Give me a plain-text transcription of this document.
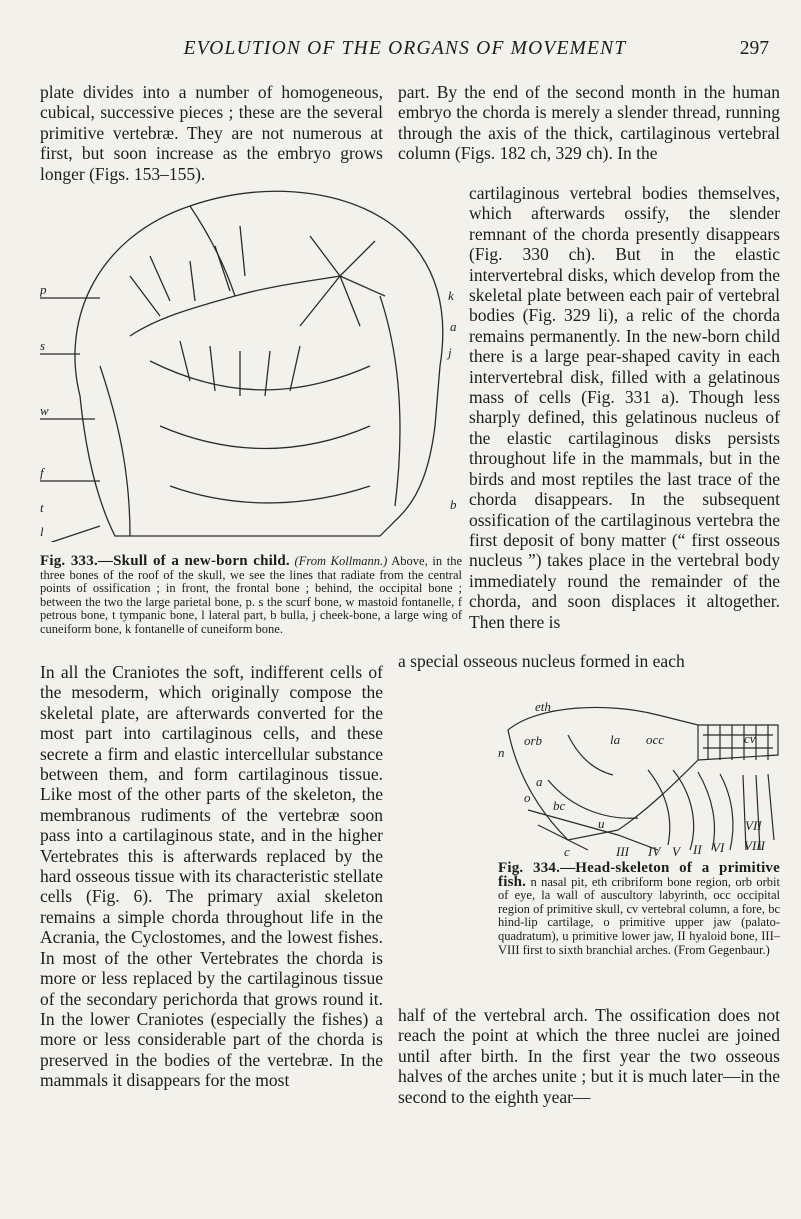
EVOLUTION OF THE ORGANS OF MOVEMENT	297

plate divides into a number of homogeneous, cubical, successive pieces ; these are the several primitive vertebræ. They are not numerous at first, but soon increase as the embryo grows longer (Figs. 153–155).

part. By the end of the second month in the human embryo the chorda is merely a slender thread, running through the axis of the thick, cartilaginous vertebral column (Figs. 182 ch, 329 ch). In the

cartilaginous vertebral bodies themselves, which afterwards ossify, the slender remnant of the chorda presently disappears (Fig. 330 ch). But in the elastic intervertebral disks, which develop from the skeletal plate between each pair of vertebral bodies (Fig. 329 li), a relic of the chorda remains permanently. In the new-born child there is a large pear-shaped cavity in each intervertebral disk, filled with a gelatinous mass of cells (Fig. 331 a). Though less sharply defined, this gelatinous nucleus of the elastic cartilaginous disks persists throughout life in the mammals, but in the birds and most reptiles the last trace of the chorda disappears. In the subsequent ossification of the cartilaginous vertebra the first deposit of bony matter (“ first osseous nucleus ”) takes place in the vertebral body immediately round the remainder of the chorda, and soon displaces it altogether. Then there is

p
s
w
f
t
l
k
a
j
b
Fig. 333.—Skull of a new-born child. (From Kollmann.) Above, in the three bones of the roof of the skull, we see the lines that radiate from the central points of ossification ; in front, the frontal bone ; behind, the occipital bone ; between the two the large parietal bone, p. s the scurf bone, w mastoid fontanelle, f petrous bone, t tympanic bone, l lateral part, b bulla, j cheek-bone, a large wing of cuneiform bone, k fontanelle of cuneiform bone.

a special osseous nucleus formed in each

In all the Craniotes the soft, indifferent cells of the mesoderm, which originally compose the skeletal plate, are afterwards converted for the most part into cartilaginous cells, and these secrete a firm and elastic intercellular substance between them, and form cartilaginous tissue. Like most of the other parts of the skeleton, the membranous rudiments of the vertebræ soon pass into a cartilaginous state, and in the higher Vertebrates this is afterwards replaced by the hard osseous tissue with its characteristic stellate cells (Fig. 6). The primary axial skeleton remains a simple chorda throughout life in the Acrania, the Cyclostomes, and the lowest fishes. In most of the other Vertebrates the chorda is more or less replaced by the cartilaginous tissue of the secondary perichorda that grows round it. In the lower Craniotes (especially the fishes) a more or less considerable part of the chorda is preserved in the bodies of the vertebræ. In the mammals it disappears for the most

eth
orb	la occ	cv
n
a
o
bc
u
c	III IV V II VI
VII
VIII
Fig. 334.—Head-skeleton of a primitive fish. n nasal pit, eth cribriform bone region, orb orbit of eye, la wall of auscultory labyrinth, occ occipital region of primitive skull, cv vertebral column, a fore, bc hind-lip cartilage, o primitive upper jaw (palato-quadratum), u primitive lower jaw, II hyaloid bone, III–VIII first to sixth branchial arches. (From Gegenbaur.)

half of the vertebral arch. The ossification does not reach the point at which the three nuclei are joined until after birth. In the first year the two osseous halves of the arches unite ; but it is much later—in the second to the eighth year—
